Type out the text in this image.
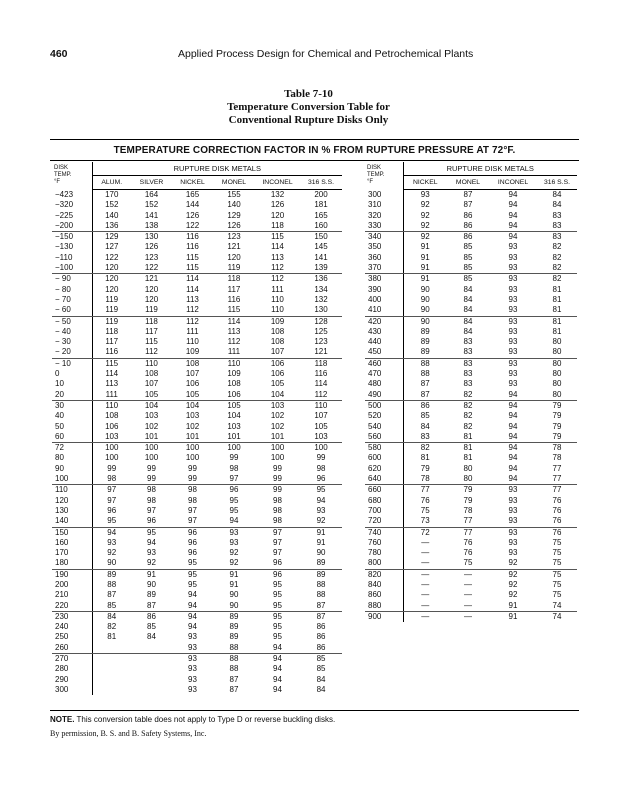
460	Applied Process Design for Chemical and Petrochemical Plants
Table 7-10
Temperature Conversion Table for
Conventional Rupture Disks Only
TEMPERATURE CORRECTION FACTOR IN % FROM RUPTURE PRESSURE AT 72°F.
DISK
TEMP.
°F	RUPTURE DISK METALS					
	ALUM.	SILVER	NICKEL	MONEL	INCONEL	316 S.S.
−423	170	164	165	155	132	200
−320	152	152	144	140	126	181
−225	140	141	126	129	120	165
−200	136	138	122	126	118	160
−150	129	130	116	123	115	150
−130	127	126	116	121	114	145
−110	122	123	115	120	113	141
−100	120	122	115	119	112	139
− 90	120	121	114	118	112	136
− 80	120	120	114	117	111	134
− 70	119	120	113	116	110	132
− 60	119	119	112	115	110	130
− 50	119	118	112	114	109	128
− 40	118	117	111	113	108	125
− 30	117	115	110	112	108	123
− 20	116	112	109	111	107	121
− 10	115	110	108	110	106	118
0	114	108	107	109	106	116
10	113	107	106	108	105	114
20	111	105	105	106	104	112
30	110	104	104	105	103	110
40	108	103	103	104	102	107
50	106	102	102	103	102	105
60	103	101	101	101	101	103
72	100	100	100	100	100	100
80	100	100	100	99	100	99
90	99	99	99	98	99	98
100	98	99	99	97	99	96
110	97	98	98	96	99	95
120	97	98	98	95	98	94
130	96	97	97	95	98	93
140	95	96	97	94	98	92
150	94	95	96	93	97	91
160	93	94	96	93	97	91
170	92	93	96	92	97	90
180	90	92	95	92	96	89
190	89	91	95	91	96	89
200	88	90	95	91	95	88
210	87	89	94	90	95	88
220	85	87	94	90	95	87
230	84	86	94	89	95	87
240	82	85	94	89	95	86
250	81	84	93	89	95	86
260			93	88	94	86
270			93	88	94	85
280			93	88	94	85
290			93	87	94	84
300			93	87	94	84
DISK
TEMP.
°F	RUPTURE DISK METALS			
	NICKEL	MONEL	INCONEL	316 S.S.
300	93	87	94	84
310	92	87	94	84
320	92	86	94	83
330	92	86	94	83
340	92	86	94	83
350	91	85	93	82
360	91	85	93	82
370	91	85	93	82
380	91	85	93	82
390	90	84	93	81
400	90	84	93	81
410	90	84	93	81
420	90	84	93	81
430	89	84	93	81
440	89	83	93	80
450	89	83	93	80
460	88	83	93	80
470	88	83	93	80
480	87	83	93	80
490	87	82	94	80
500	86	82	94	79
520	85	82	94	79
540	84	82	94	79
560	83	81	94	79
580	82	81	94	78
600	81	81	94	78
620	79	80	94	77
640	78	80	94	77
660	77	79	93	77
680	76	79	93	76
700	75	78	93	76
720	73	77	93	76
740	72	77	93	76
760	—	76	93	75
780	—	76	93	75
800	—	75	92	75
820	—	—	92	75
840	—	—	92	75
860	—	—	92	75
880	—	—	91	74
900	—	—	91	74
NOTE. This conversion table does not apply to Type D or reverse buckling disks.
By permission, B. S. and B. Safety Systems, Inc.
